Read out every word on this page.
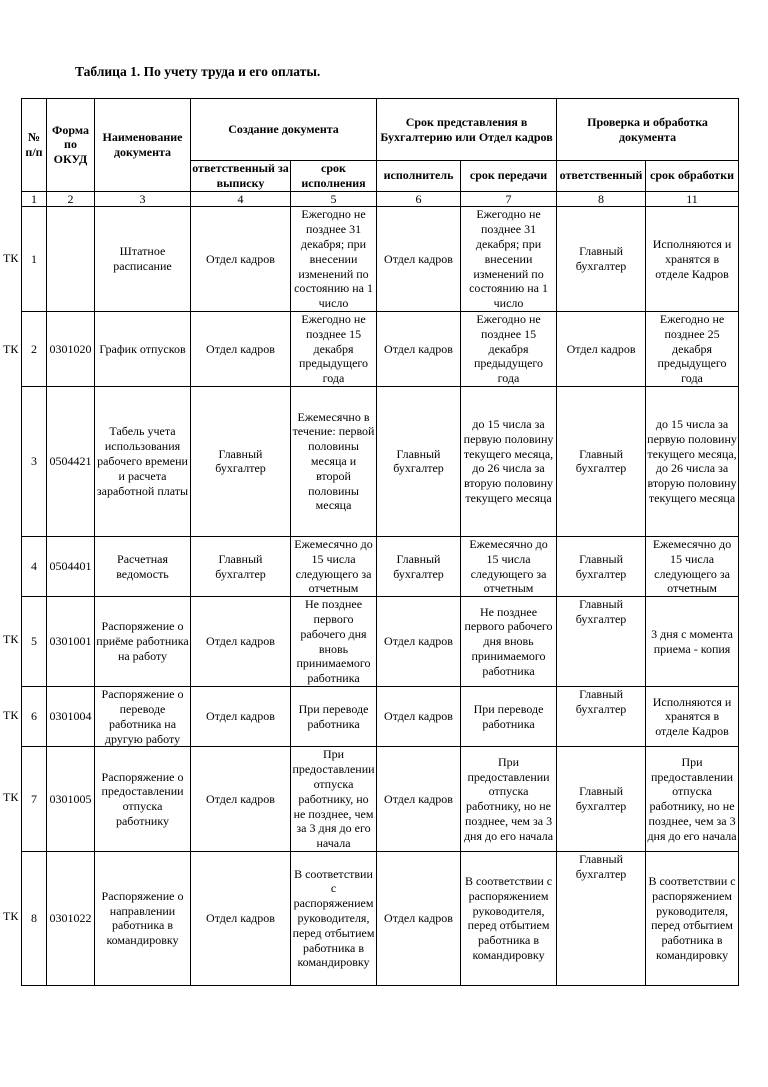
Таблица 1. По учету труда и его оплаты.
№ п/п	Форма по ОКУД	Наименование документа	Создание документа		Срок представления в Бухгалтерию или Отдел кадров		Проверка и обработка документа	
			ответственный за выписку	срок исполнения	исполнитель	срок передачи	ответственный	срок обработки
1	2	3	4	5	6	7	8	11
1		Штатное расписание	Отдел кадров	Ежегодно не позднее 31 декабря; при внесении изменений по состоянию на 1 число	Отдел кадров	Ежегодно не позднее 31 декабря; при внесении изменений по состоянию на 1 число	Главный бухгалтер	Исполняются и хранятся в отделе Кадров
2	0301020	График отпусков	Отдел кадров	Ежегодно не позднее 15 декабря предыдущего года	Отдел кадров	Ежегодно не позднее 15 декабря предыдущего года	Отдел кадров	Ежегодно не позднее 25 декабря предыдущего года
3	0504421	Табель учета использования рабочего времени и расчета заработной платы	Главный бухгалтер	Ежемесячно в течение: первой половины месяца и второй половины месяца	Главный бухгалтер	до 15 числа за первую половину текущего месяца, до 26 числа за вторую половину текущего месяца	Главный бухгалтер	до 15 числа за первую половину текущего месяца, до 26 числа за вторую половину текущего месяца
4	0504401	Расчетная ведомость	Главный бухгалтер	Ежемесячно до 15 числа следующего за отчетным	Главный бухгалтер	Ежемесячно до 15 числа следующего за отчетным	Главный бухгалтер	Ежемесячно до 15 числа следующего за отчетным
5	0301001	Распоряжение о приёме работника на работу	Отдел кадров	Не позднее первого рабочего дня вновь принимаемого работника	Отдел кадров	Не позднее первого рабочего дня вновь принимаемого работника	Главный бухгалтер	3 дня с момента приема - копия
6	0301004	Распоряжение о переводе работника на другую работу	Отдел кадров	При переводе работника	Отдел кадров	При переводе работника	Главный бухгалтер	Исполняются и хранятся в отделе Кадров
7	0301005	Распоряжение о предоставлении отпуска работнику	Отдел кадров	При предоставлении отпуска работнику, но не позднее, чем за 3 дня до его начала	Отдел кадров	При предоставлении отпуска работнику, но не позднее, чем за 3 дня до его начала	Главный бухгалтер	При предоставлении отпуска работнику, но не позднее, чем за 3 дня до его начала
8	0301022	Распоряжение о направлении работника в командировку	Отдел кадров	В соответствии с распоряжением руководителя, перед отбытием работника в командировку	Отдел кадров	В соответствии с распоряжением руководителя, перед отбытием работника в командировку	Главный бухгалтер	В соответствии с распоряжением руководителя, перед отбытием работника в командировку
ТК
ТК
ТК
ТК
ТК
ТК
